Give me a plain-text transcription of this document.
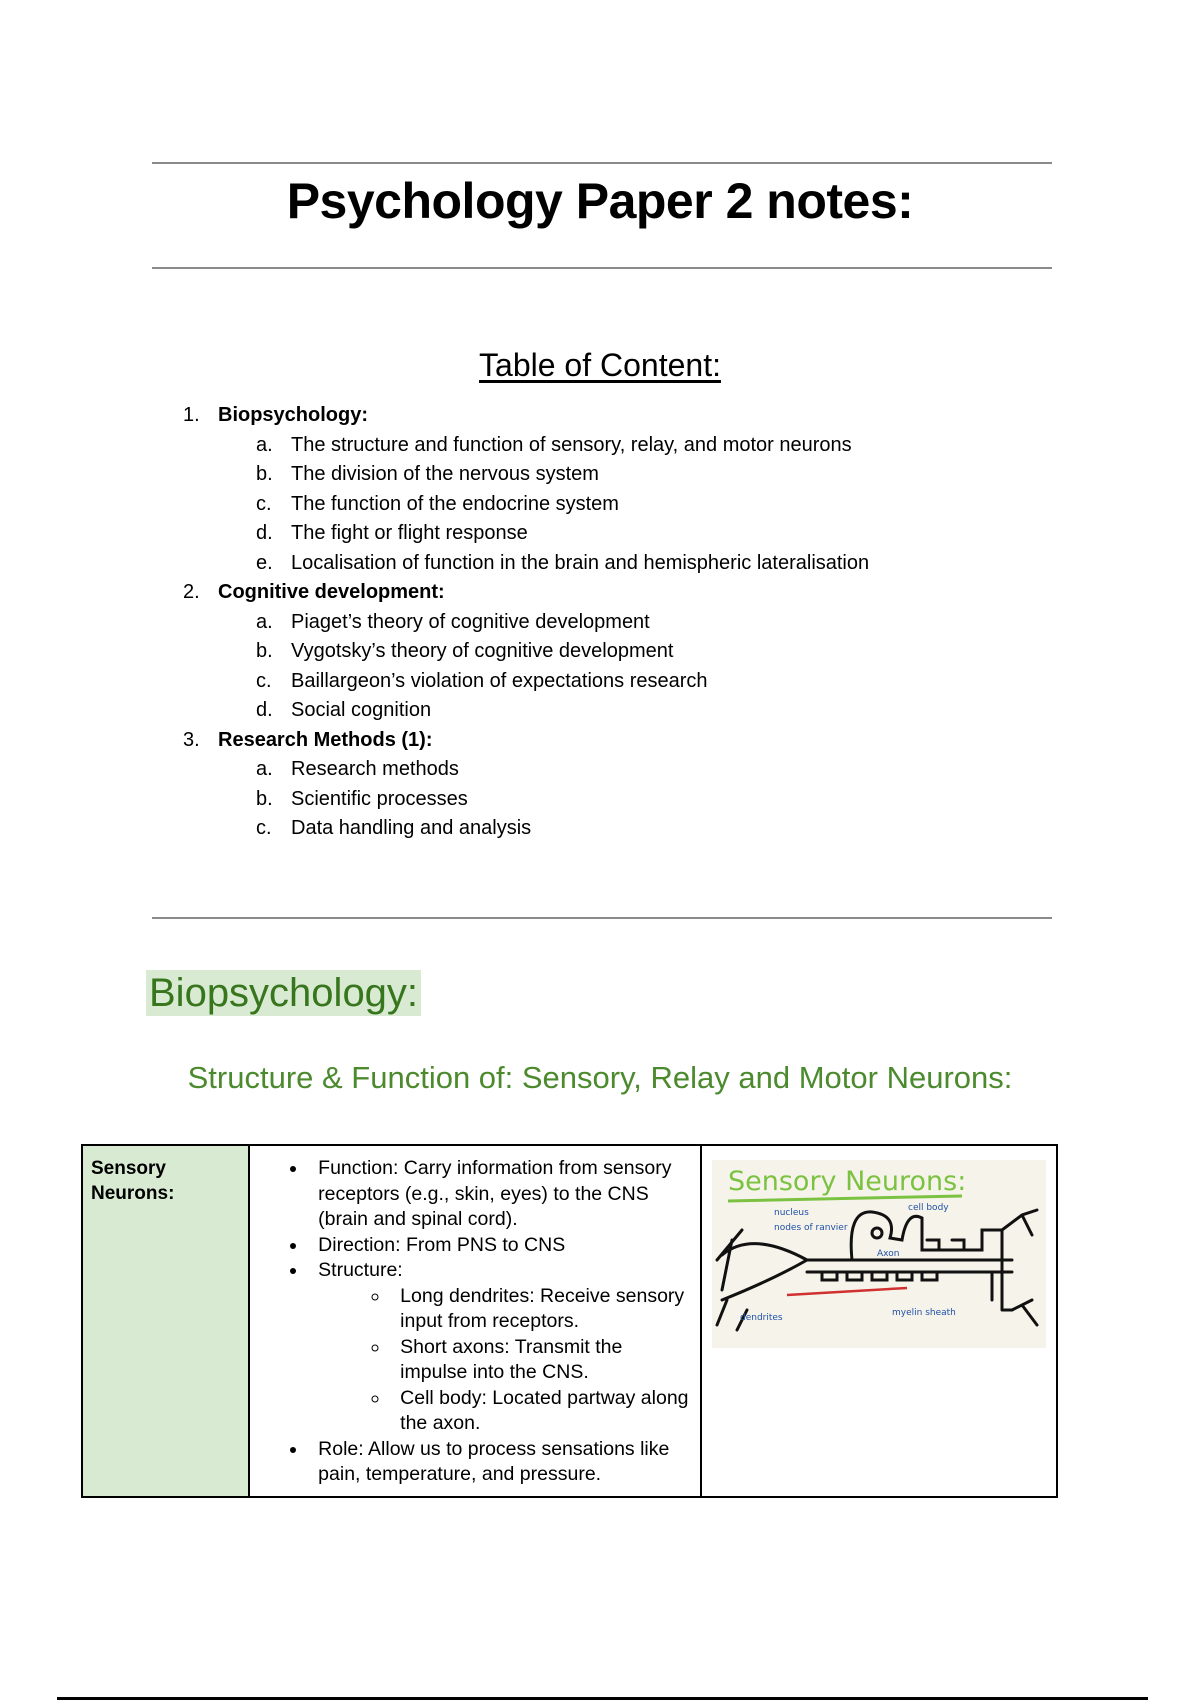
Psychology Paper 2 notes:
Table of Content:
1. Biopsychology:
a. The structure and function of sensory, relay, and motor neurons
b. The division of the nervous system
c. The function of the endocrine system
d. The fight or flight response
e. Localisation of function in the brain and hemispheric lateralisation
2. Cognitive development:
a. Piaget’s theory of cognitive development
b. Vygotsky’s theory of cognitive development
c. Baillargeon’s violation of expectations research
d. Social cognition
3. Research Methods (1):
a. Research methods
b. Scientific processes
c. Data handling and analysis
Biopsychology:
Structure & Function of: Sensory, Relay and Motor Neurons:
Sensory Neurons:	
• Function: Carry information from sensory receptors (e.g., skin, eyes) to the CNS (brain and spinal cord).
• Direction: From PNS to CNS
• Structure:
◦ Long dendrites: Receive sensory input from receptors.
◦ Short axons: Transmit the impulse into the CNS.
◦ Cell body: Located partway along the axon.
• Role: Allow us to process sensations like pain, temperature, and pressure.

Sensory Neurons:
nucleus
nodes of ranvier
cell body
Axon
dendrites	myelin sheath
